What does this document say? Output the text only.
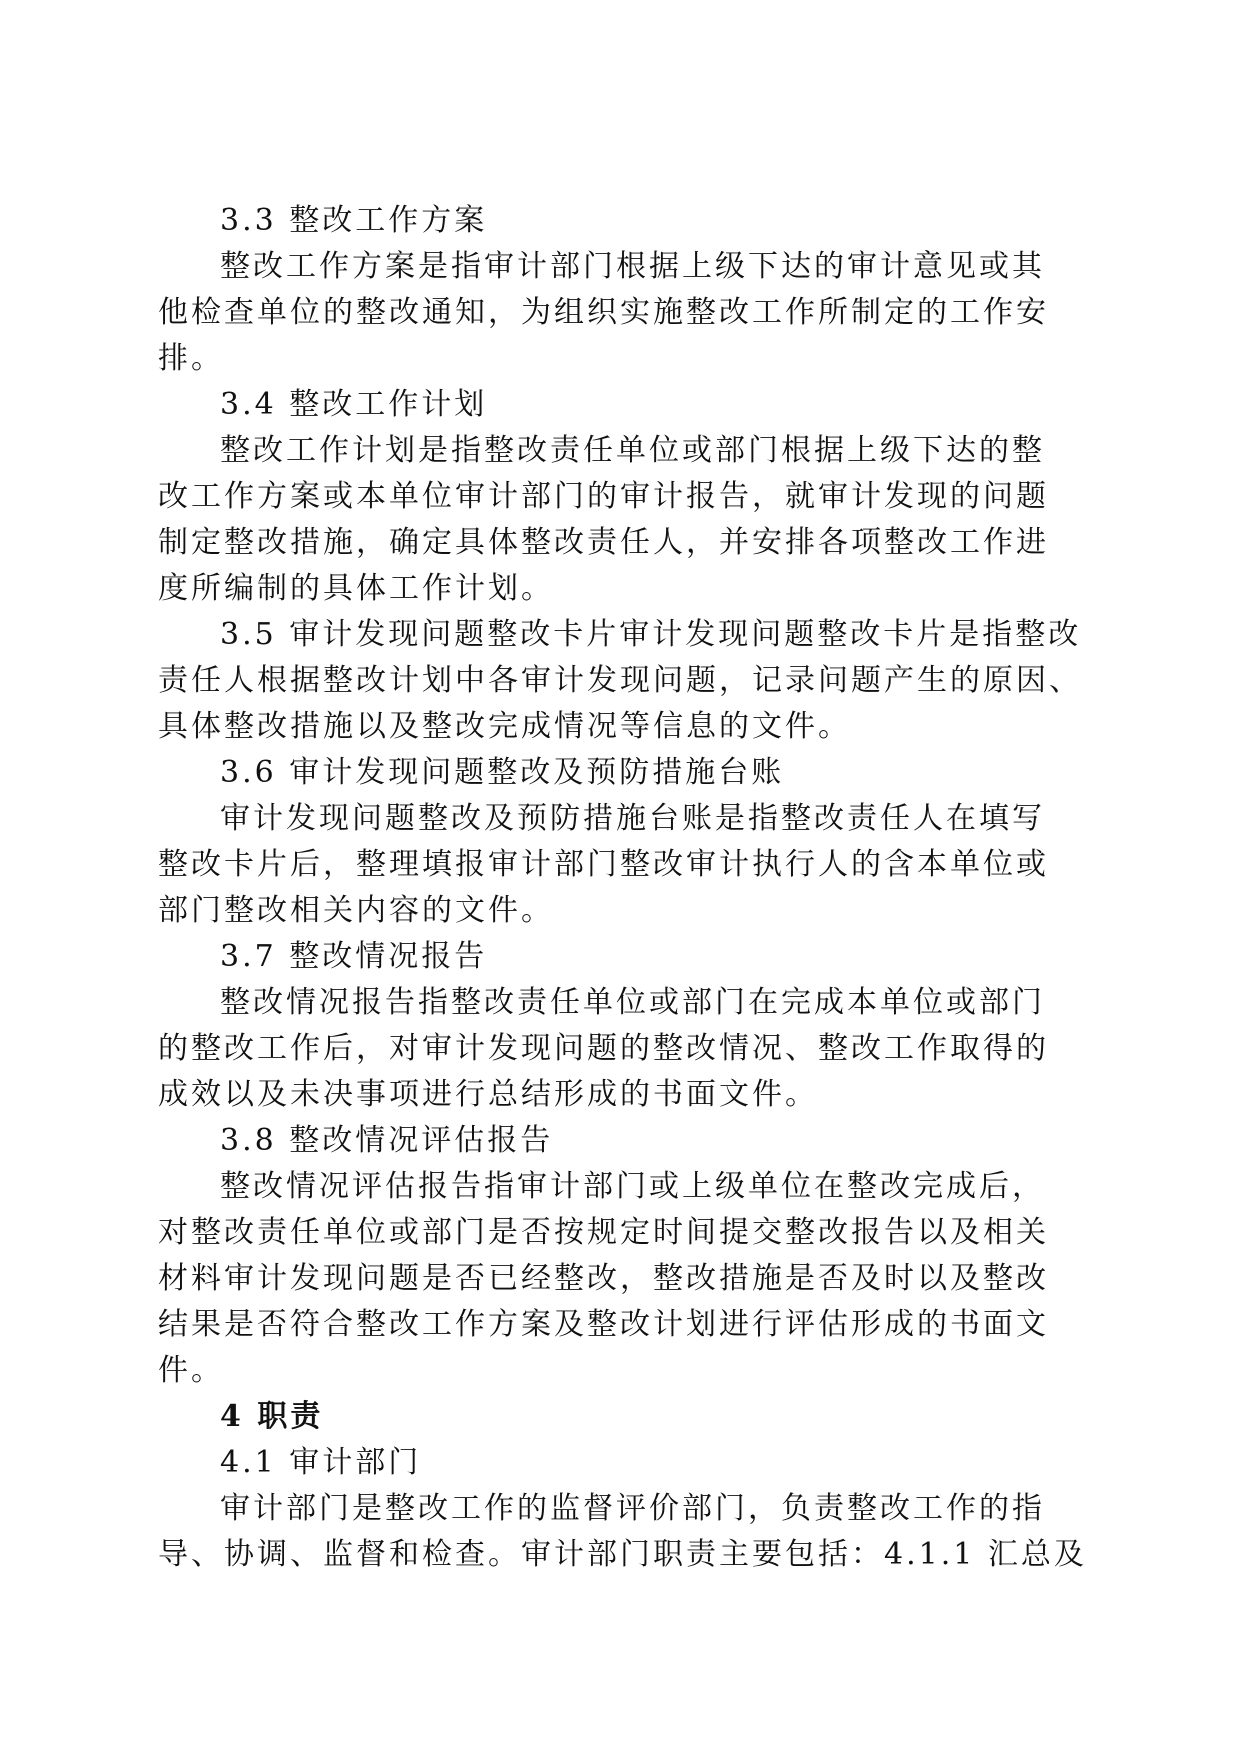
3.3 整改工作方案
整改工作方案是指审计部门根据上级下达的审计意见或其
他检查单位的整改通知，为组织实施整改工作所制定的工作安
排。
3.4 整改工作计划
整改工作计划是指整改责任单位或部门根据上级下达的整
改工作方案或本单位审计部门的审计报告，就审计发现的问题
制定整改措施，确定具体整改责任人，并安排各项整改工作进
度所编制的具体工作计划。
3.5 审计发现问题整改卡片审计发现问题整改卡片是指整改
责任人根据整改计划中各审计发现问题，记录问题产生的原因、
具体整改措施以及整改完成情况等信息的文件。
3.6 审计发现问题整改及预防措施台账
审计发现问题整改及预防措施台账是指整改责任人在填写
整改卡片后，整理填报审计部门整改审计执行人的含本单位或
部门整改相关内容的文件。
3.7 整改情况报告
整改情况报告指整改责任单位或部门在完成本单位或部门
的整改工作后，对审计发现问题的整改情况、整改工作取得的
成效以及未决事项进行总结形成的书面文件。
3.8 整改情况评估报告
整改情况评估报告指审计部门或上级单位在整改完成后，
对整改责任单位或部门是否按规定时间提交整改报告以及相关
材料审计发现问题是否已经整改，整改措施是否及时以及整改
结果是否符合整改工作方案及整改计划进行评估形成的书面文
件。
4 职责
4.1 审计部门
审计部门是整改工作的监督评价部门，负责整改工作的指
导、协调、监督和检查。审计部门职责主要包括：4.1.1 汇总及
